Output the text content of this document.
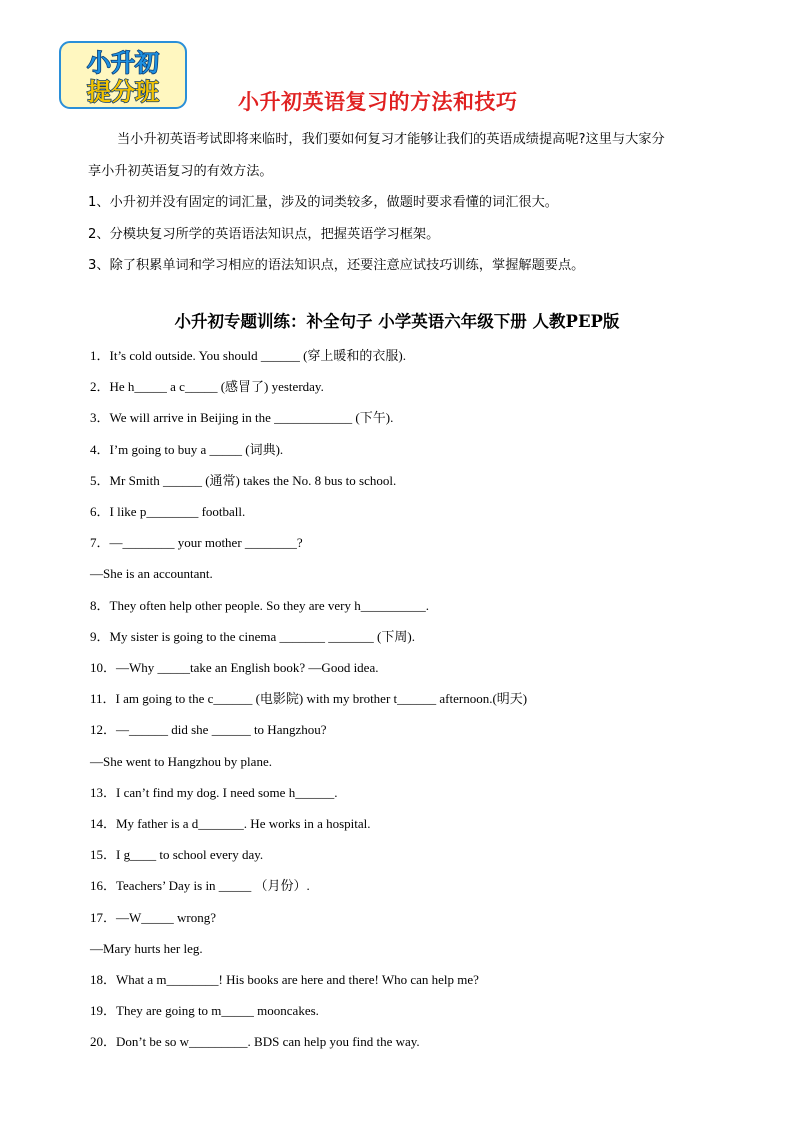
小升初
提分班	小升初英语复习的方法和技巧

当小升初英语考试即将来临时，我们要如何复习才能够让我们的英语成绩提高呢?这里与大家分

享小升初英语复习的有效方法。

1、小升初并没有固定的词汇量，涉及的词类较多，做题时要求看懂的词汇很大。

2、分模块复习所学的英语语法知识点，把握英语学习框架。

3、除了积累单词和学习相应的语法知识点，还要注意应试技巧训练，掌握解题要点。

小升初专题训练：补全句子 小学英语六年级下册 人教PEP版
1．It’s cold outside. You should ______ (穿上暖和的衣服).
2．He h_____ a c_____ (感冒了) yesterday.
3．We will arrive in Beijing in the ____________ (下午).
4．I’m going to buy a _____ (词典).
5．Mr Smith ______ (通常) takes the No. 8 bus to school.
6．I like p________ football.
7．—________ your mother ________?
—She is an accountant.
8．They often help other people. So they are very h__________.
9．My sister is going to the cinema _______ _______ (下周).
10．—Why _____take an English book? —Good idea.
11．I am going to the c______ (电影院) with my brother t______ afternoon.(明天)
12．—______ did she ______ to Hangzhou?
—She went to Hangzhou by plane.
13．I can’t find my dog. I need some h______.
14．My father is a d_______. He works in a hospital.
15．I g____ to school every day.
16．Teachers’ Day is in _____ （月份）.
17．—W_____ wrong?
—Mary hurts her leg.
18．What a m________! His books are here and there! Who can help me?
19．They are going to m_____ mooncakes.
20．Don’t be so w_________. BDS can help you find the way.
